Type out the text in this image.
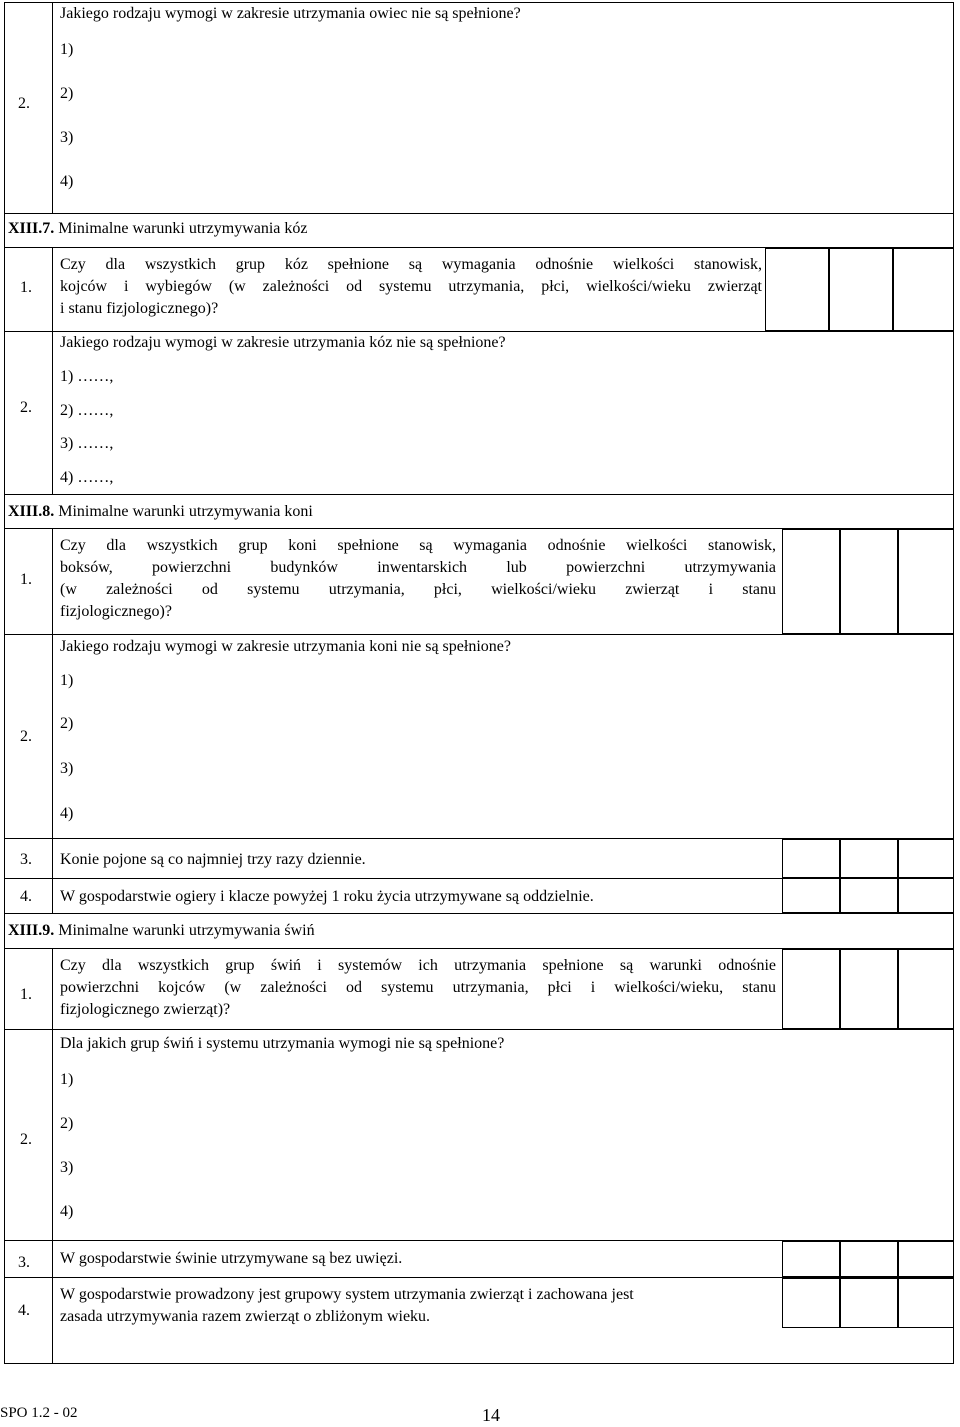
2.
Jakiego rodzaju wymogi w zakresie utrzymania owiec nie są spełnione?
1)
2)
3)
4)
XIII.7. Minimalne warunki utrzymywania kóz
1.
Czy dla wszystkich grup kóz spełnione są wymagania odnośnie wielkości stanowisk,
kojców i wybiegów (w zależności od systemu utrzymania, płci, wielkości/wieku zwierząt
i stanu fizjologicznego)?
2.
Jakiego rodzaju wymogi w zakresie utrzymania kóz nie są spełnione?
1) ……,
2) ……,
3) ……,
4) ……,
XIII.8. Minimalne warunki utrzymywania koni
1.
Czy dla wszystkich grup koni spełnione są wymagania odnośnie wielkości stanowisk,
boksów, powierzchni budynków inwentarskich lub powierzchni utrzymywania
(w zależności od systemu utrzymania, płci, wielkości/wieku zwierząt i stanu
fizjologicznego)?
2.
Jakiego rodzaju wymogi w zakresie utrzymania koni nie są spełnione?
1)
2)
3)
4)
3. Konie pojone są co najmniej trzy razy dziennie.
4. W gospodarstwie ogiery i klacze powyżej 1 roku życia utrzymywane są oddzielnie.
XIII.9. Minimalne warunki utrzymywania świń
1.
Czy dla wszystkich grup świń i systemów ich utrzymania spełnione są warunki odnośnie
powierzchni kojców (w zależności od systemu utrzymania, płci i wielkości/wieku, stanu
fizjologicznego zwierząt)?
2.
Dla jakich grup świń i systemu utrzymania wymogi nie są spełnione?
1)
2)
3)
4)
3. W gospodarstwie świnie utrzymywane są bez uwięzi.
4.
W gospodarstwie prowadzony jest grupowy system utrzymania zwierząt i zachowana jest
zasada utrzymywania razem zwierząt o zbliżonym wieku.
SPO 1.2 - 02	14
